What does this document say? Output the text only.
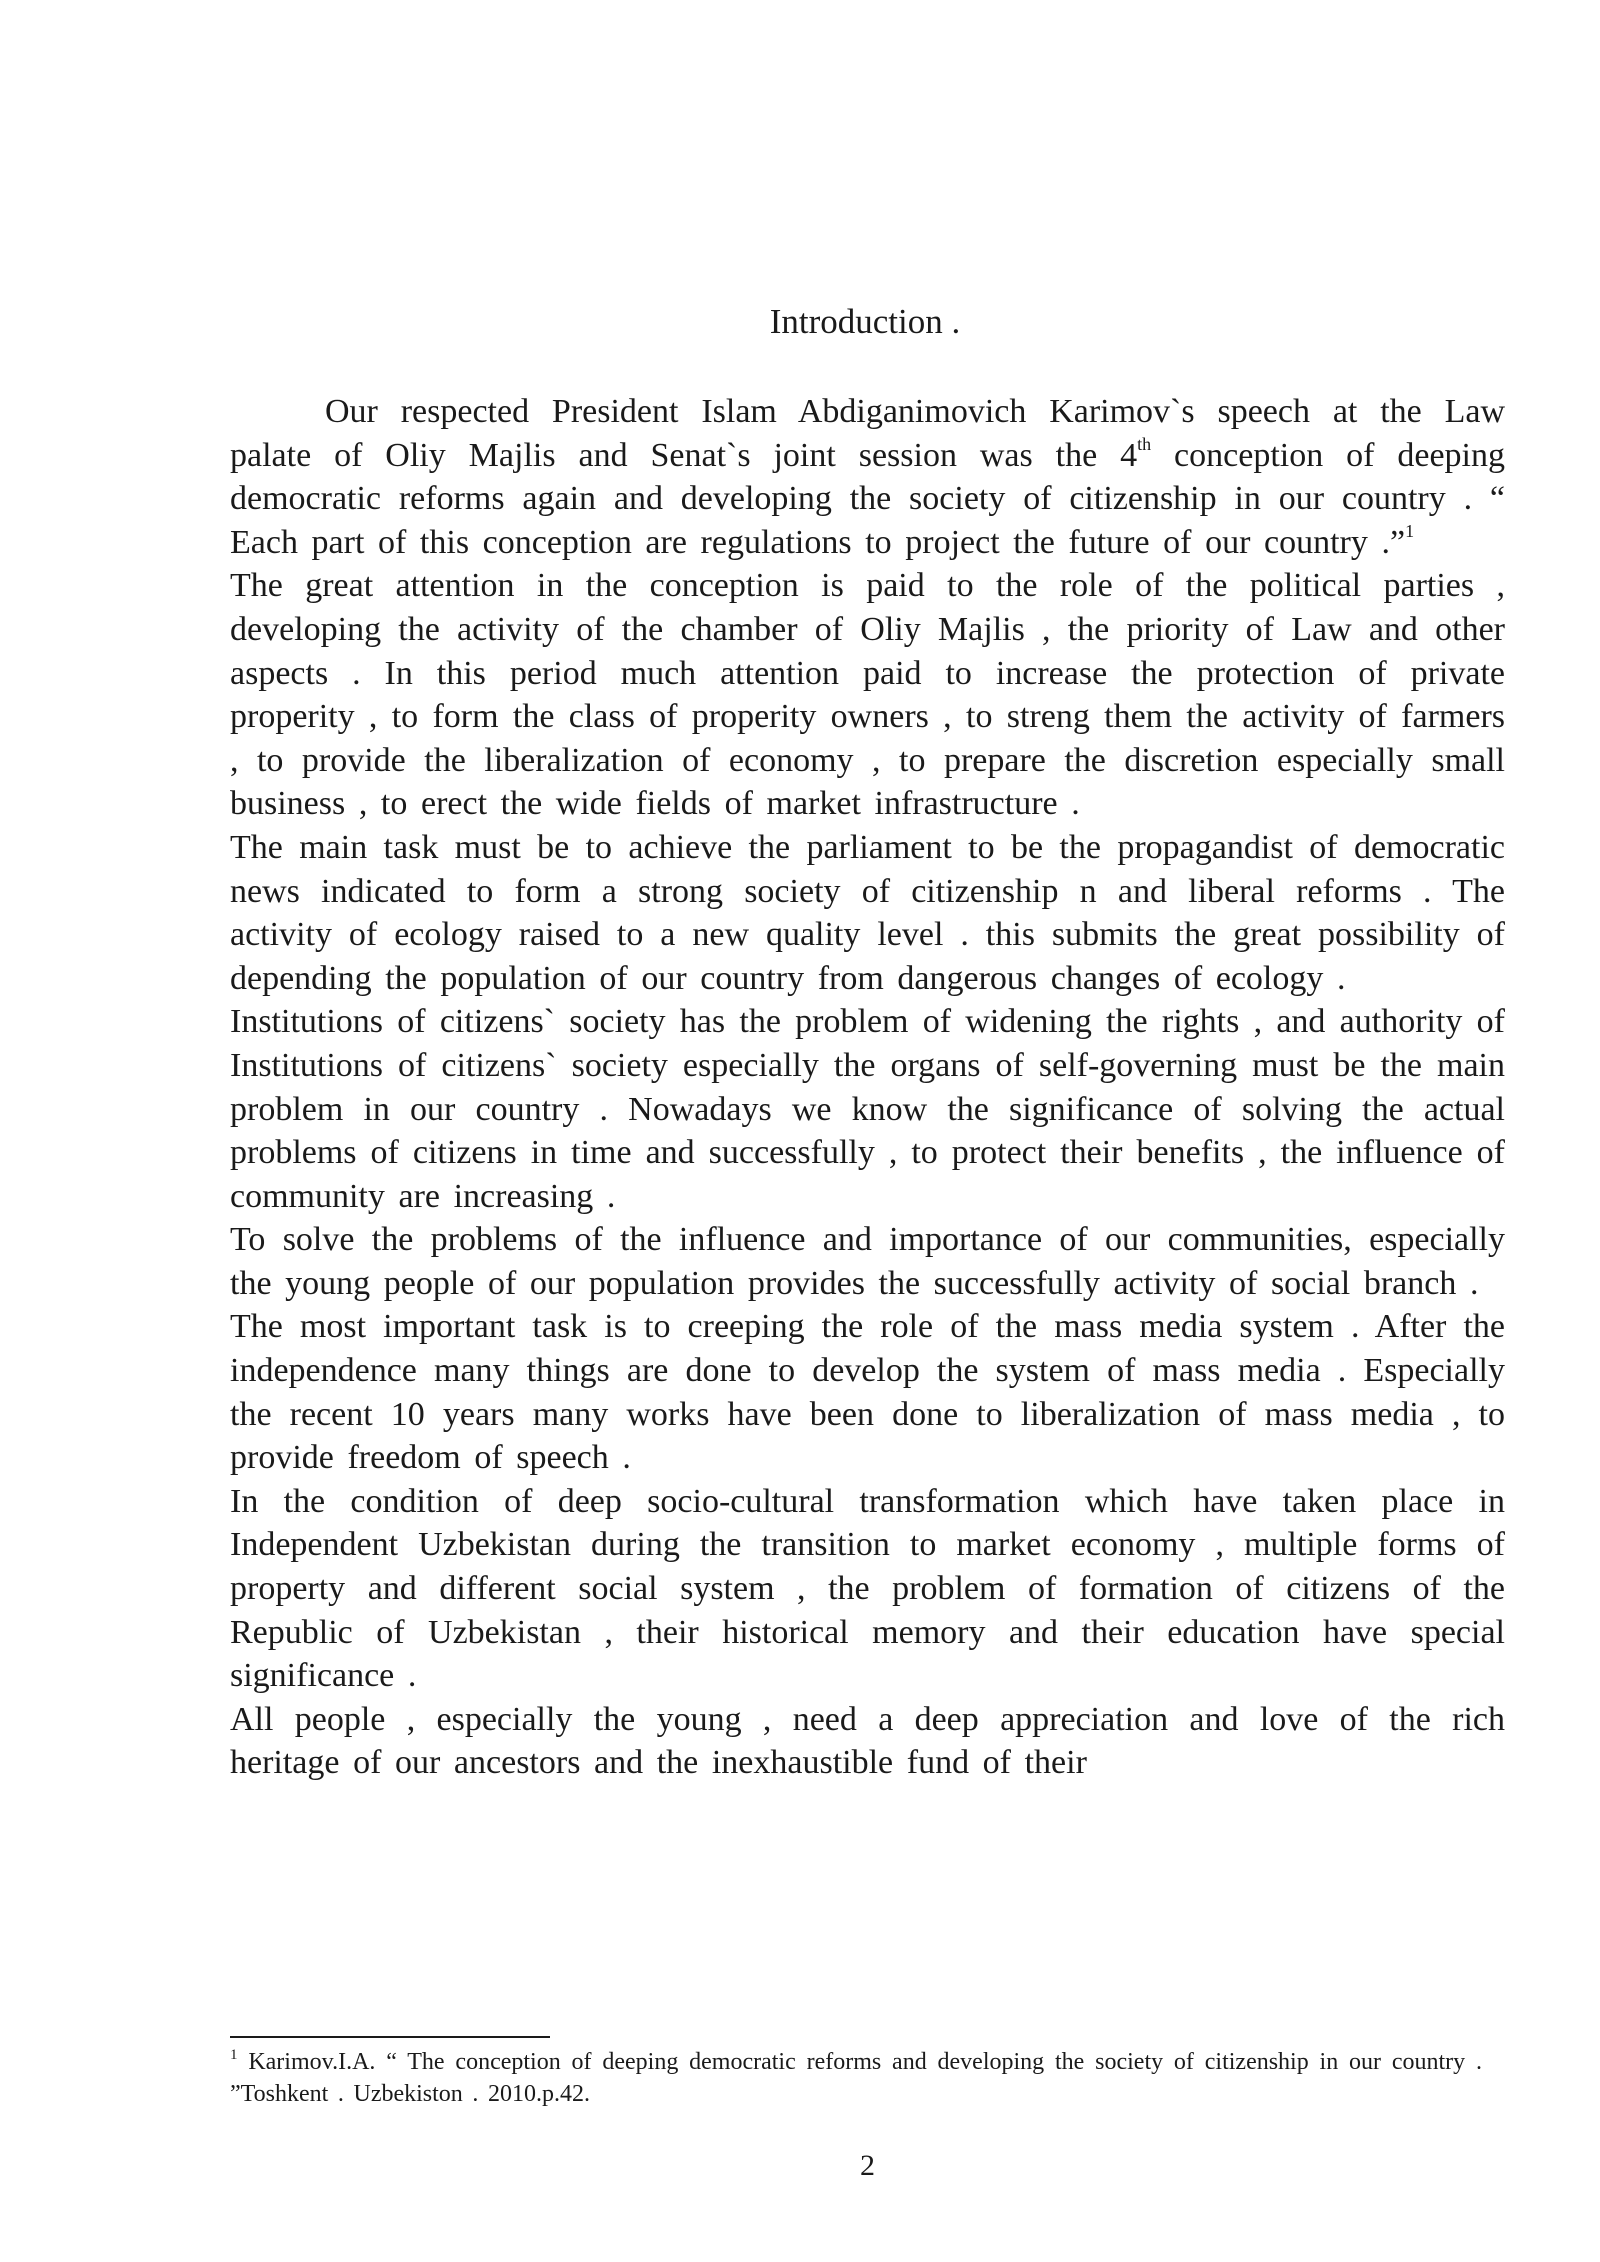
Introduction .

Our respected President Islam Abdiganimovich Karimov`s speech at the Law palate of Oliy Majlis and Senat`s joint session was the 4th conception of deeping democratic reforms again and developing the society of citizenship in our country . “ Each part of this conception are regulations to project the future of our country .”$^1$

The great attention in the conception is paid to the role of the political parties , developing the activity of the chamber of Oliy Majlis , the priority of Law and other aspects . In this period much attention paid to increase the protection of private properity , to form the class of properity owners , to streng them the activity of farmers , to provide the liberalization of economy , to prepare the discretion especially small business , to erect the wide fields of market infrastructure .

The main task must be to achieve the parliament to be the propagandist of democratic news indicated to form a strong society of citizenship n and liberal reforms . The activity of ecology raised to a new quality level . this submits the great possibility of depending the population of our country from dangerous changes of ecology .

Institutions of citizens` society has the problem of widening the rights , and authority of Institutions of citizens` society especially the organs of self-governing must be the main problem in our country . Nowadays we know the significance of solving the actual problems of citizens in time and successfully , to protect their benefits , the influence of community are increasing .

To solve the problems of the influence and importance of our communities, especially the young people of our population provides the successfully activity of social branch .

The most important task is to creeping the role of the mass media system . After the independence many things are done to develop the system of mass media . Especially the recent 10 years many works have been done to liberalization of mass media , to provide freedom of speech .

In the condition of deep socio-cultural transformation which have taken place in Independent Uzbekistan during the transition to market economy , multiple forms of property and different social system , the problem of formation of citizens of the Republic of Uzbekistan , their historical memory and their education have special significance .

All people , especially the young , need a deep appreciation and love of the rich heritage of our ancestors and the inexhaustible fund of their

$^1$ Karimov.I.A. “ The conception of deeping democratic reforms and developing the society of citizenship in our country . ”Toshkent . Uzbekiston . 2010.p.42.
2
